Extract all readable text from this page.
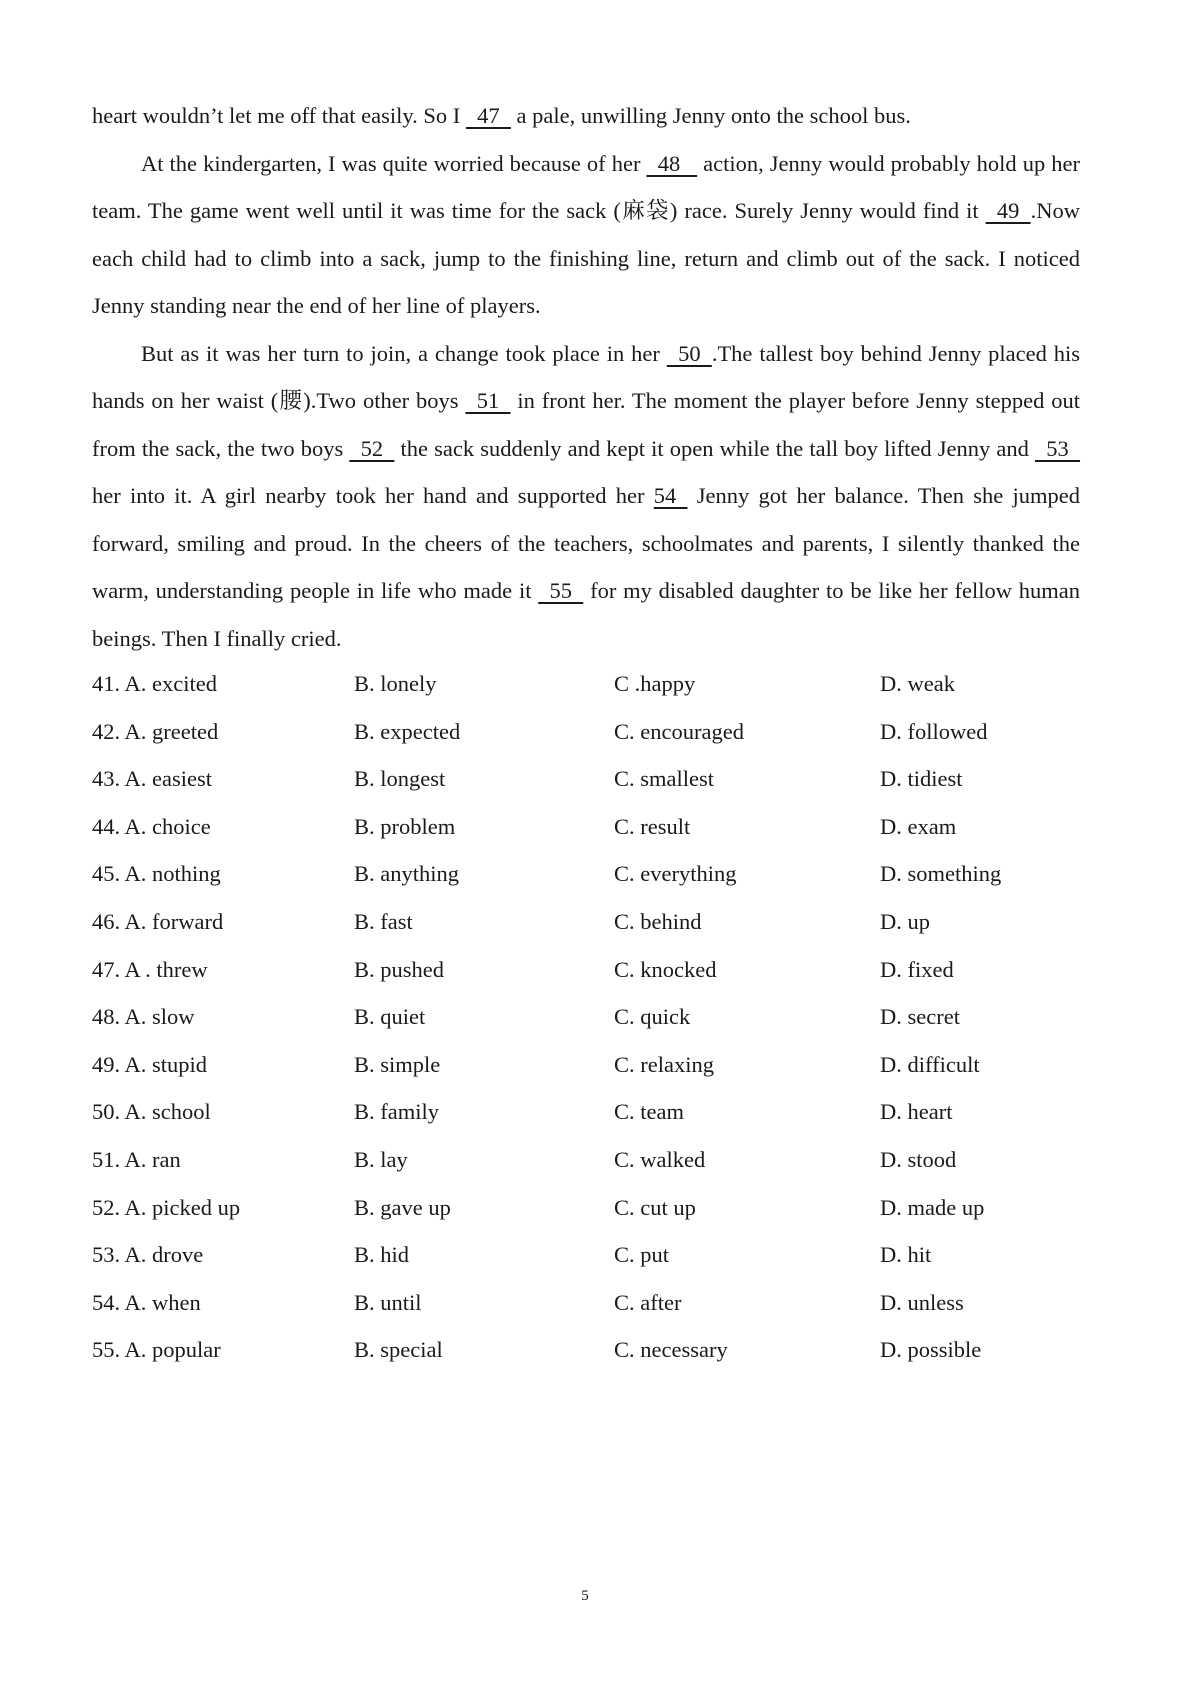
heart wouldn’t let me off that easily. So I   47   a pale, unwilling Jenny onto the school bus.

At the kindergarten, I was quite worried because of her   48    action, Jenny would probably hold up her team. The game went well until it was time for the sack (麻袋) race. Surely Jenny would find it   49  .Now each child had to climb into a sack, jump to the finishing line, return and climb out of the sack. I noticed Jenny standing near the end of her line of players.

But as it was her turn to join, a change took place in her   50  .The tallest boy behind Jenny placed his hands on her waist (腰).Two other boys   51   in front her. The moment the player before Jenny stepped out from the sack, the two boys   52   the sack suddenly and kept it open while the tall boy lifted Jenny and   53   her into it. A girl nearby took her hand and supported her 54   Jenny got her balance. Then she jumped forward, smiling and proud. In the cheers of the teachers, schoolmates and parents, I silently thanked the warm, understanding people in life who made it   55   for my disabled daughter to be like her fellow human beings. Then I finally cried.

41. A. excited	B. lonely	C .happy	D. weak
42. A. greeted	B. expected	C. encouraged	D. followed
43. A. easiest	B. longest	C. smallest	D. tidiest
44. A. choice	B. problem	C. result	D. exam
45. A. nothing	B. anything	C. everything	D. something
46. A. forward	B. fast	C. behind	D. up
47. A . threw	B. pushed	C. knocked	D. fixed
48. A. slow	B. quiet	C. quick	D. secret
49. A. stupid	B. simple	C. relaxing	D. difficult
50. A. school	B. family	C. team	D. heart
51. A. ran	B. lay	C. walked	D. stood
52. A. picked up	B. gave up	C. cut up	D. made up
53. A. drove	B. hid	C. put	D. hit
54. A. when	B. until	C. after	D. unless
55. A. popular	B. special	C. necessary	D. possible
5
